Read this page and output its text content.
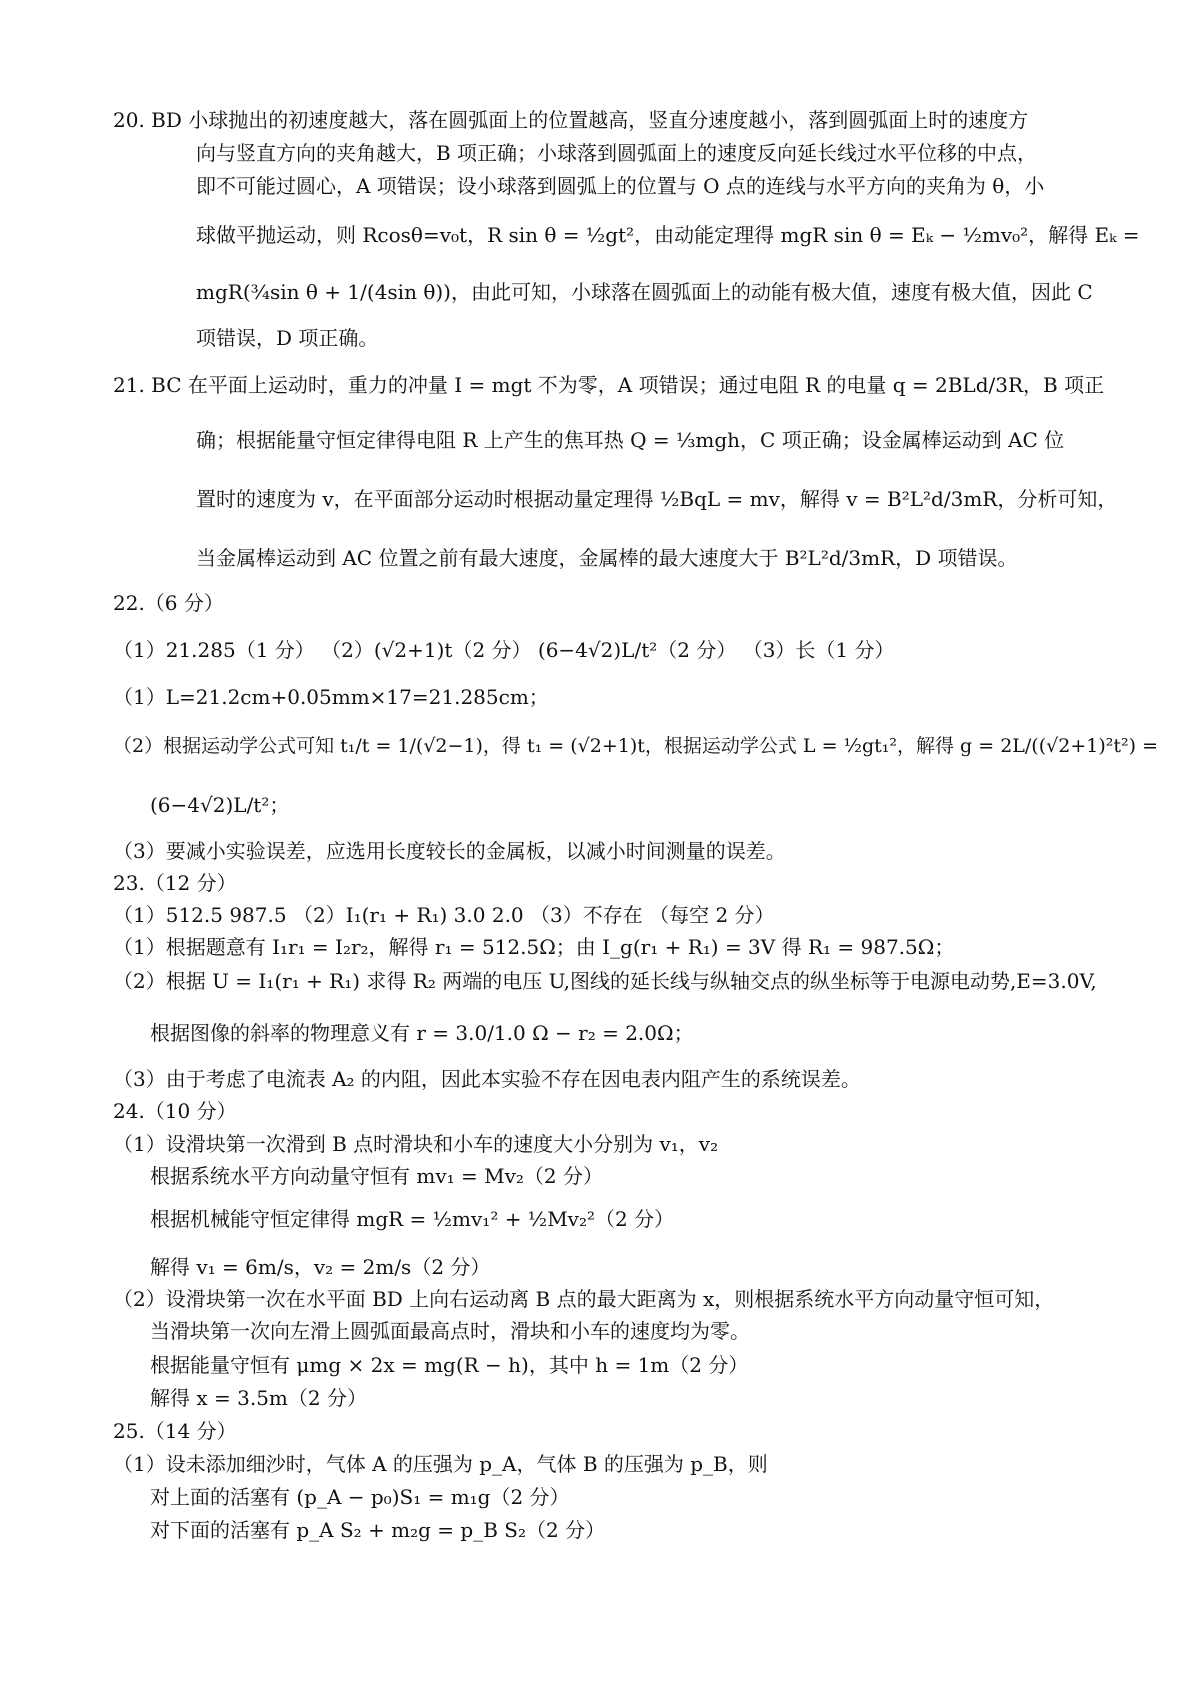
20. BD 小球抛出的初速度越大，落在圆弧面上的位置越高，竖直分速度越小，落到圆弧面上时的速度方
向与竖直方向的夹角越大，B 项正确；小球落到圆弧面上的速度反向延长线过水平位移的中点，
即不可能过圆心，A 项错误；设小球落到圆弧上的位置与 O 点的连线与水平方向的夹角为 θ，小
球做平抛运动，则 Rcosθ=v₀t，R sin θ = ½gt²，由动能定理得 mgR sin θ = Eₖ − ½mv₀²，解得 Eₖ =
mgR(¾sin θ + 1/(4sin θ))，由此可知，小球落在圆弧面上的动能有极大值，速度有极大值，因此 C
项错误，D 项正确。
21. BC 在平面上运动时，重力的冲量 I = mgt 不为零，A 项错误；通过电阻 R 的电量 q = 2BLd/3R，B 项正
确；根据能量守恒定律得电阻 R 上产生的焦耳热 Q = ⅓mgh，C 项正确；设金属棒运动到 AC 位
置时的速度为 v，在平面部分运动时根据动量定理得 ½BqL = mv，解得 v = B²L²d/3mR，分析可知，
当金属棒运动到 AC 位置之前有最大速度，金属棒的最大速度大于 B²L²d/3mR，D 项错误。
22.（6 分）
（1）21.285（1 分） （2）(√2+1)t（2 分） (6−4√2)L/t²（2 分） （3）长（1 分）
（1）L=21.2cm+0.05mm×17=21.285cm；
（2）根据运动学公式可知 t₁/t = 1/(√2−1)，得 t₁ = (√2+1)t，根据运动学公式 L = ½gt₁²，解得 g = 2L/((√2+1)²t²) =
(6−4√2)L/t²；
（3）要减小实验误差，应选用长度较长的金属板，以减小时间测量的误差。
23.（12 分）
（1）512.5 987.5 （2）I₁(r₁ + R₁) 3.0 2.0 （3）不存在 （每空 2 分）
（1）根据题意有 I₁r₁ = I₂r₂，解得 r₁ = 512.5Ω；由 I_g(r₁ + R₁) = 3V 得 R₁ = 987.5Ω；
（2）根据 U = I₁(r₁ + R₁) 求得 R₂ 两端的电压 U,图线的延长线与纵轴交点的纵坐标等于电源电动势,E=3.0V,
根据图像的斜率的物理意义有 r = 3.0/1.0 Ω − r₂ = 2.0Ω；
（3）由于考虑了电流表 A₂ 的内阻，因此本实验不存在因电表内阻产生的系统误差。
24.（10 分）
（1）设滑块第一次滑到 B 点时滑块和小车的速度大小分别为 v₁，v₂
根据系统水平方向动量守恒有 mv₁ = Mv₂（2 分）
根据机械能守恒定律得 mgR = ½mv₁² + ½Mv₂²（2 分）
解得 v₁ = 6m/s，v₂ = 2m/s（2 分）
（2）设滑块第一次在水平面 BD 上向右运动离 B 点的最大距离为 x，则根据系统水平方向动量守恒可知，
当滑块第一次向左滑上圆弧面最高点时，滑块和小车的速度均为零。
根据能量守恒有 μmg × 2x = mg(R − h)，其中 h = 1m（2 分）
解得 x = 3.5m（2 分）
25.（14 分）
（1）设未添加细沙时，气体 A 的压强为 p_A，气体 B 的压强为 p_B，则
对上面的活塞有 (p_A − p₀)S₁ = m₁g（2 分）
对下面的活塞有 p_A S₂ + m₂g = p_B S₂（2 分）
